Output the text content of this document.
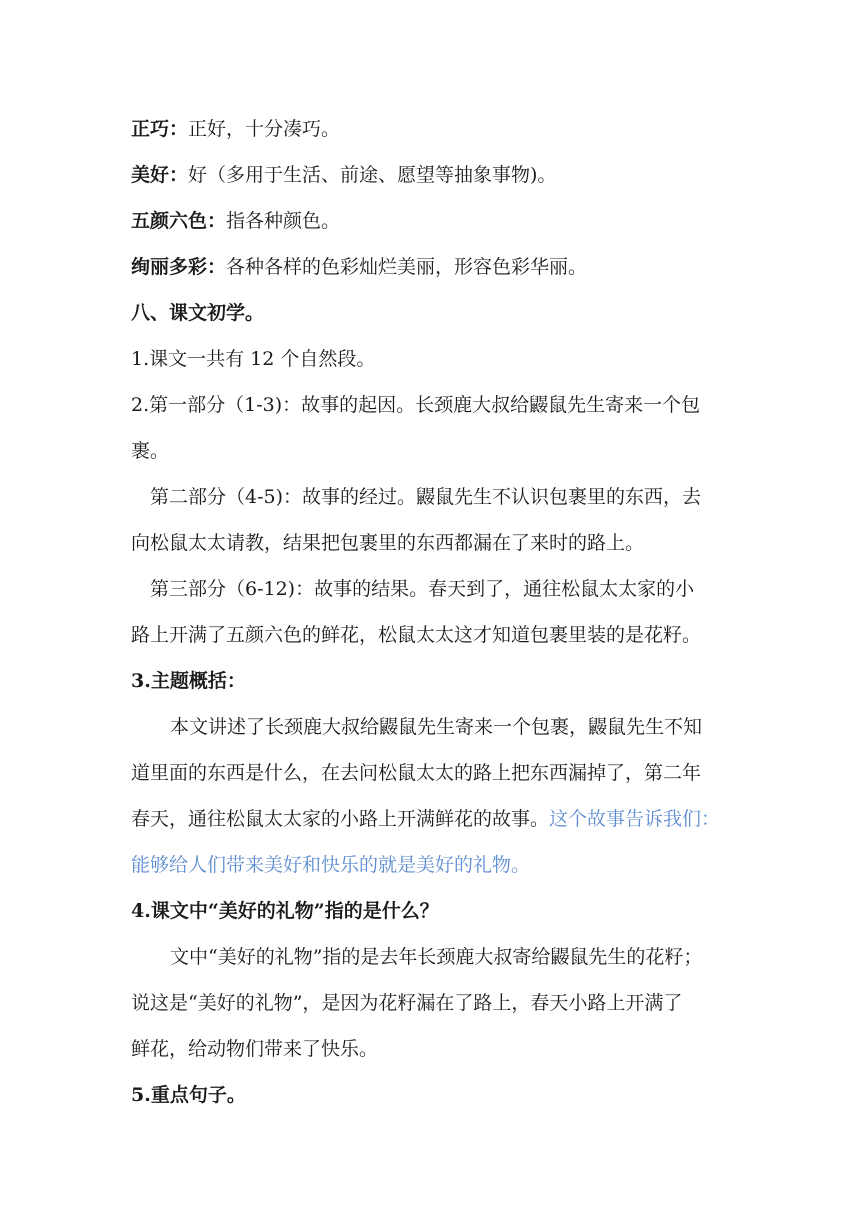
正巧：正好，十分凑巧。
美好：好（多用于生活、前途、愿望等抽象事物)。
五颜六色：指各种颜色。
绚丽多彩：各种各样的色彩灿烂美丽，形容色彩华丽。
八、课文初学。
1.课文一共有 12 个自然段。
2.第一部分（1-3)：故事的起因。长颈鹿大叔给鼹鼠先生寄来一个包
裹。
第二部分（4-5)：故事的经过。鼹鼠先生不认识包裹里的东西，去
向松鼠太太请教，结果把包裹里的东西都漏在了来时的路上。
第三部分（6-12)：故事的结果。春天到了，通往松鼠太太家的小
路上开满了五颜六色的鲜花，松鼠太太这才知道包裹里装的是花籽。
3.主题概括：
本文讲述了长颈鹿大叔给鼹鼠先生寄来一个包裹，鼹鼠先生不知
道里面的东西是什么，在去问松鼠太太的路上把东西漏掉了，第二年
春天，通往松鼠太太家的小路上开满鲜花的故事。这个故事告诉我们：
能够给人们带来美好和快乐的就是美好的礼物。
4.课文中“美好的礼物”指的是什么？
文中“美好的礼物”指的是去年长颈鹿大叔寄给鼹鼠先生的花籽；
说这是“美好的礼物”，是因为花籽漏在了路上，春天小路上开满了
鲜花，给动物们带来了快乐。
5.重点句子。
